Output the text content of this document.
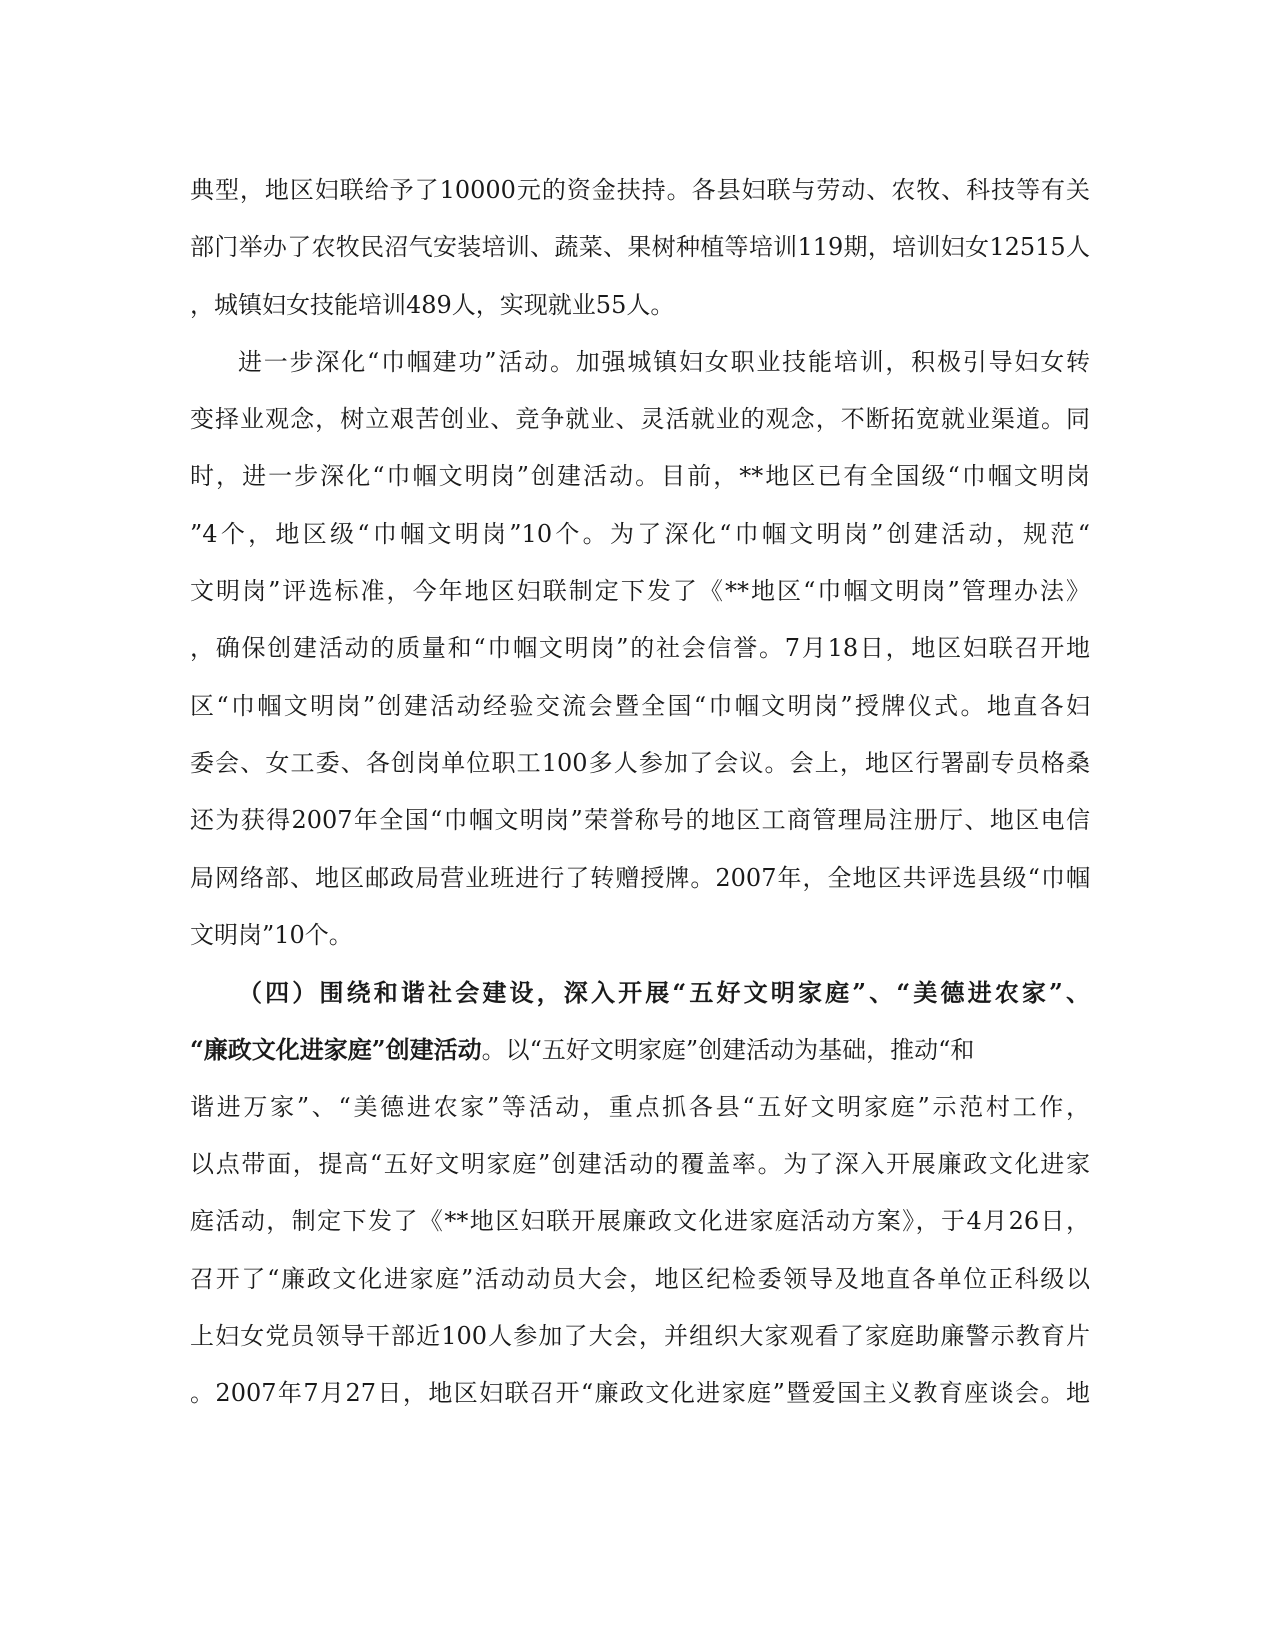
典型，地区妇联给予了10000元的资金扶持。各县妇联与劳动、农牧、科技等有关
部门举办了农牧民沼气安装培训、蔬菜、果树种植等培训119期，培训妇女12515人
，城镇妇女技能培训489人，实现就业55人。
进一步深化“巾帼建功”活动。加强城镇妇女职业技能培训，积极引导妇女转
变择业观念，树立艰苦创业、竞争就业、灵活就业的观念，不断拓宽就业渠道。同
时，进一步深化“巾帼文明岗”创建活动。目前，**地区已有全国级“巾帼文明岗
”4个，地区级“巾帼文明岗”10个。为了深化“巾帼文明岗”创建活动，规范“
文明岗”评选标准，今年地区妇联制定下发了《**地区“巾帼文明岗”管理办法》
，确保创建活动的质量和“巾帼文明岗”的社会信誉。7月18日，地区妇联召开地
区“巾帼文明岗”创建活动经验交流会暨全国“巾帼文明岗”授牌仪式。地直各妇
委会、女工委、各创岗单位职工100多人参加了会议。会上，地区行署副专员格桑
还为获得2007年全国“巾帼文明岗”荣誉称号的地区工商管理局注册厅、地区电信
局网络部、地区邮政局营业班进行了转赠授牌。2007年，全地区共评选县级“巾帼
文明岗”10个。
（四）围绕和谐社会建设，深入开展“五好文明家庭”、“美德进农家”、
“廉政文化进家庭”创建活动。以“五好文明家庭”创建活动为基础，推动“和
谐进万家”、“美德进农家”等活动，重点抓各县“五好文明家庭”示范村工作，
以点带面，提高“五好文明家庭”创建活动的覆盖率。为了深入开展廉政文化进家
庭活动，制定下发了《**地区妇联开展廉政文化进家庭活动方案》，于4月26日，
召开了“廉政文化进家庭”活动动员大会，地区纪检委领导及地直各单位正科级以
上妇女党员领导干部近100人参加了大会，并组织大家观看了家庭助廉警示教育片
。2007年7月27日，地区妇联召开“廉政文化进家庭”暨爱国主义教育座谈会。地
